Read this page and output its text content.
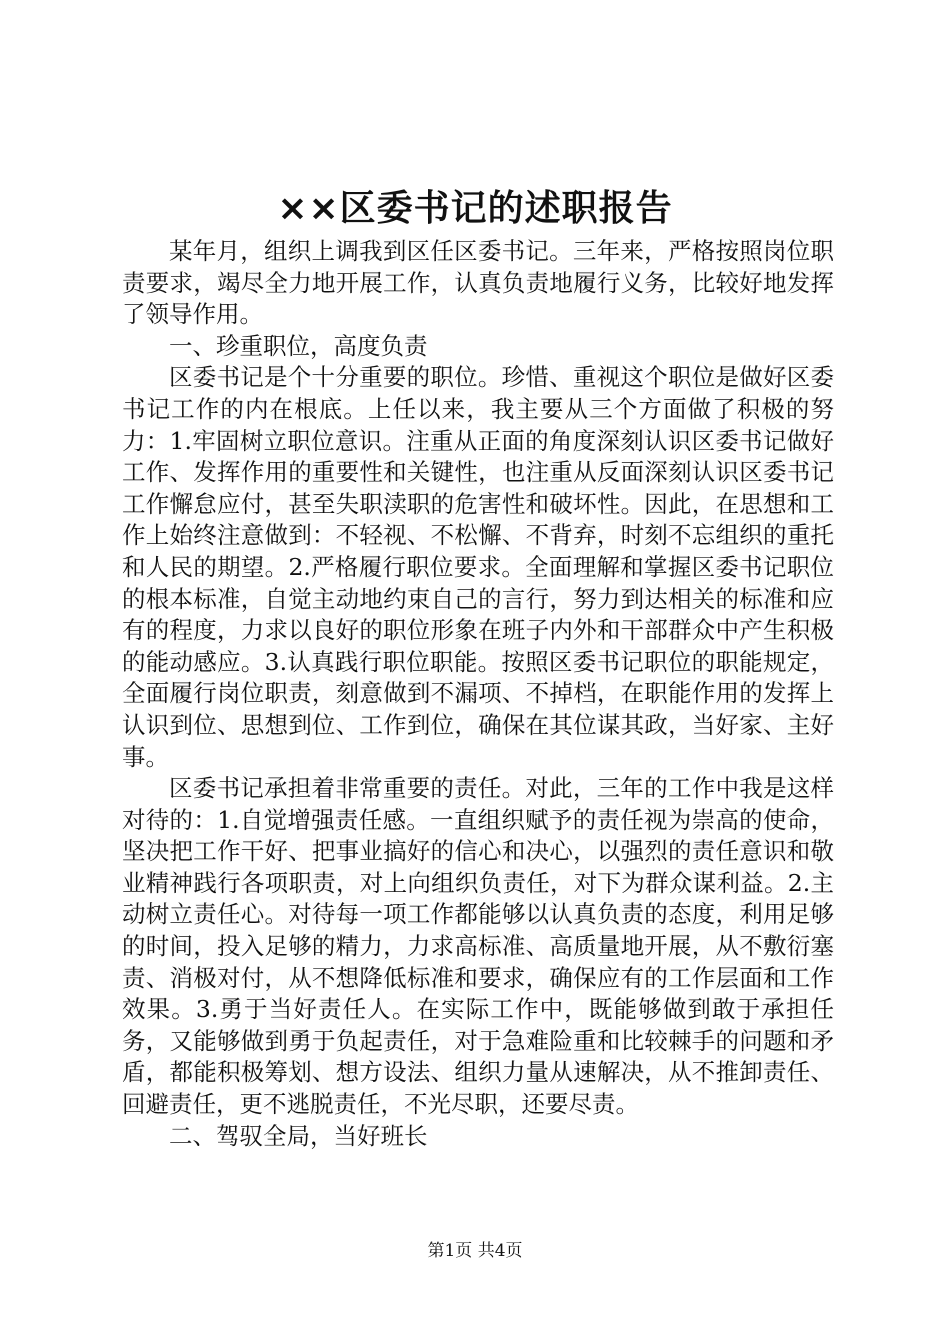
××区委书记的述职报告

某年月，组织上调我到区任区委书记。三年来，严格按照岗位职责要求，竭尽全力地开展工作，认真负责地履行义务，比较好地发挥了领导作用。

一、珍重职位，高度负责

区委书记是个十分重要的职位。珍惜、重视这个职位是做好区委书记工作的内在根底。上任以来，我主要从三个方面做了积极的努力：1.牢固树立职位意识。注重从正面的角度深刻认识区委书记做好工作、发挥作用的重要性和关键性，也注重从反面深刻认识区委书记工作懈怠应付，甚至失职渎职的危害性和破坏性。因此，在思想和工作上始终注意做到：不轻视、不松懈、不背弃，时刻不忘组织的重托和人民的期望。2.严格履行职位要求。全面理解和掌握区委书记职位的根本标准，自觉主动地约束自己的言行，努力到达相关的标准和应有的程度，力求以良好的职位形象在班子内外和干部群众中产生积极的能动感应。3.认真践行职位职能。按照区委书记职位的职能规定，全面履行岗位职责，刻意做到不漏项、不掉档，在职能作用的发挥上认识到位、思想到位、工作到位，确保在其位谋其政，当好家、主好事。

区委书记承担着非常重要的责任。对此，三年的工作中我是这样对待的：1.自觉增强责任感。一直组织赋予的责任视为崇高的使命，坚决把工作干好、把事业搞好的信心和决心，以强烈的责任意识和敬业精神践行各项职责，对上向组织负责任，对下为群众谋利益。2.主动树立责任心。对待每一项工作都能够以认真负责的态度，利用足够的时间，投入足够的精力，力求高标准、高质量地开展，从不敷衍塞责、消极对付，从不想降低标准和要求，确保应有的工作层面和工作效果。3.勇于当好责任人。在实际工作中，既能够做到敢于承担任务，又能够做到勇于负起责任，对于急难险重和比较棘手的问题和矛盾，都能积极筹划、想方设法、组织力量从速解决，从不推卸责任、回避责任，更不逃脱责任，不光尽职，还要尽责。

二、驾驭全局，当好班长

第1页 共4页
